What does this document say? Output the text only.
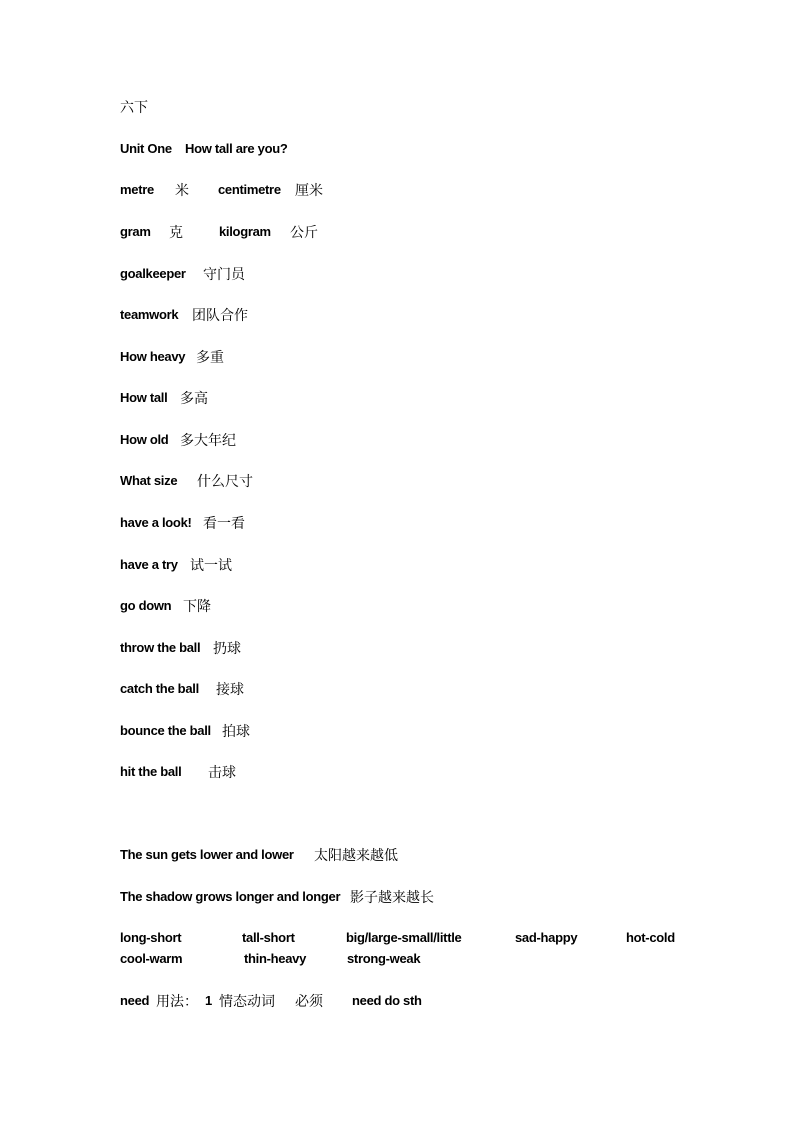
六下
Unit One How tall are you?
metre 米 centimetre 厘米
gram 克	kilogram 公斤
goalkeeper 守门员
teamwork 团队合作
How heavy 多重
How tall 多高
How old 多大年纪
What size 什么尺寸
have a look! 看一看
have a try 试一试
go down 下降
throw the ball 扔球
catch the ball 接球
bounce the ball 拍球
hit the ball 击球
The sun gets lower and lower 太阳越来越低
The shadow grows longer and longer 影子越来越长
long-short	tall-short	big/large-small/little	sad-happy	hot-cold
cool-warm	thin-heavy	strong-weak
need 用法： 1 情态动词 必须 need do sth
